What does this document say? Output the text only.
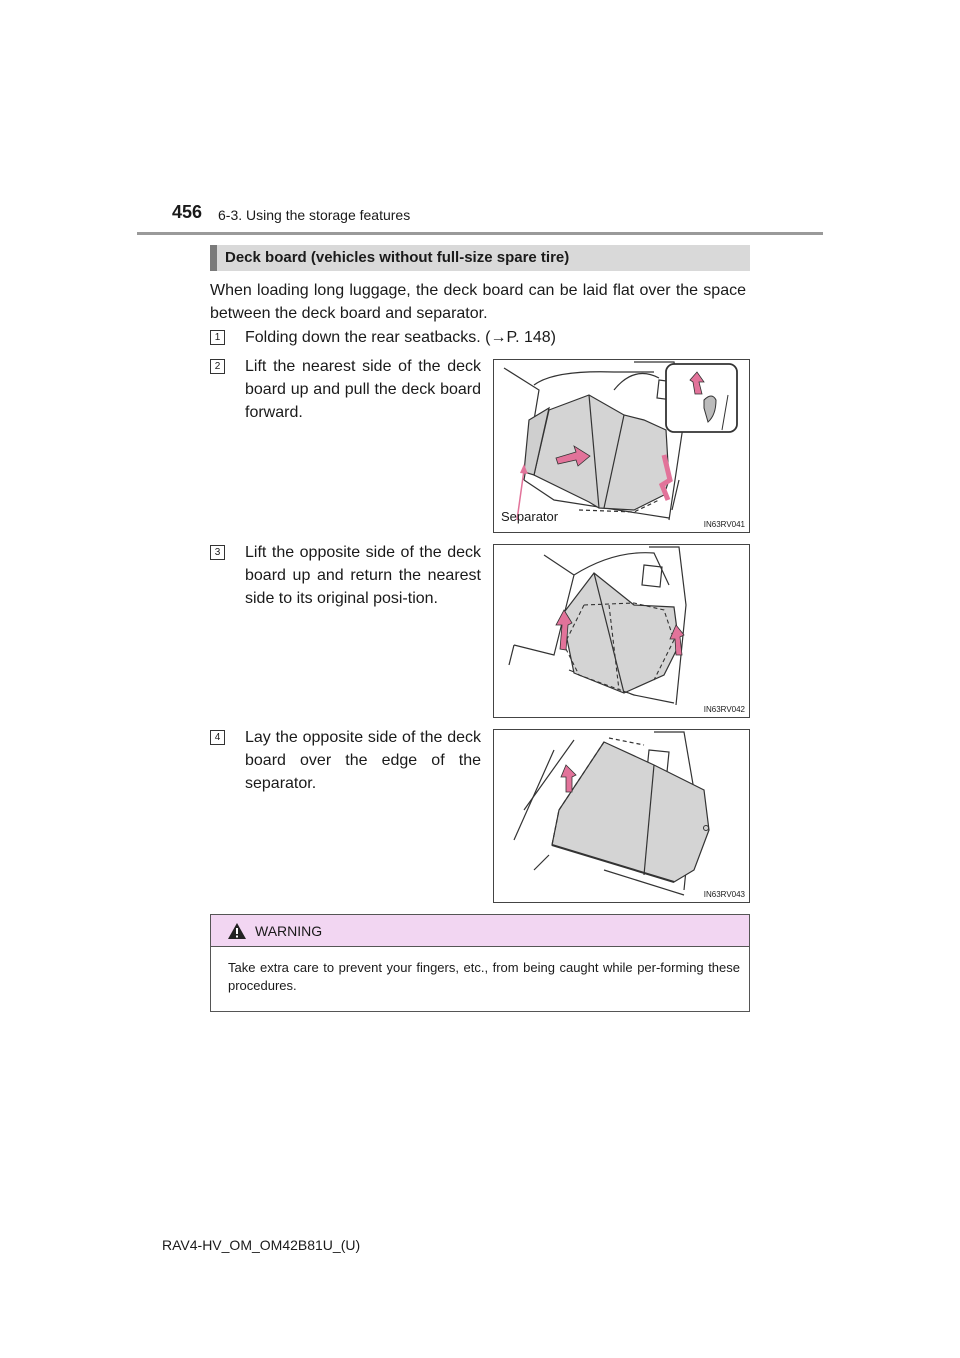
456 6-3. Using the storage features
Deck board (vehicles without full-size spare tire)

When loading long luggage, the deck board can be laid flat over the space between the deck board and separator.

1 Folding down the rear seatbacks. (→P. 148)
2 Lift the nearest side of the deck board up and pull the deck board forward.
Separator
IN63RV041
3 Lift the opposite side of the deck board up and return the nearest side to its original posi-tion.
IN63RV042
4 Lay the opposite side of the deck board over the edge of the separator.
IN63RV043
WARNING

Take extra care to prevent your fingers, etc., from being caught while per-forming these procedures.

RAV4-HV_OM_OM42B81U_(U)
